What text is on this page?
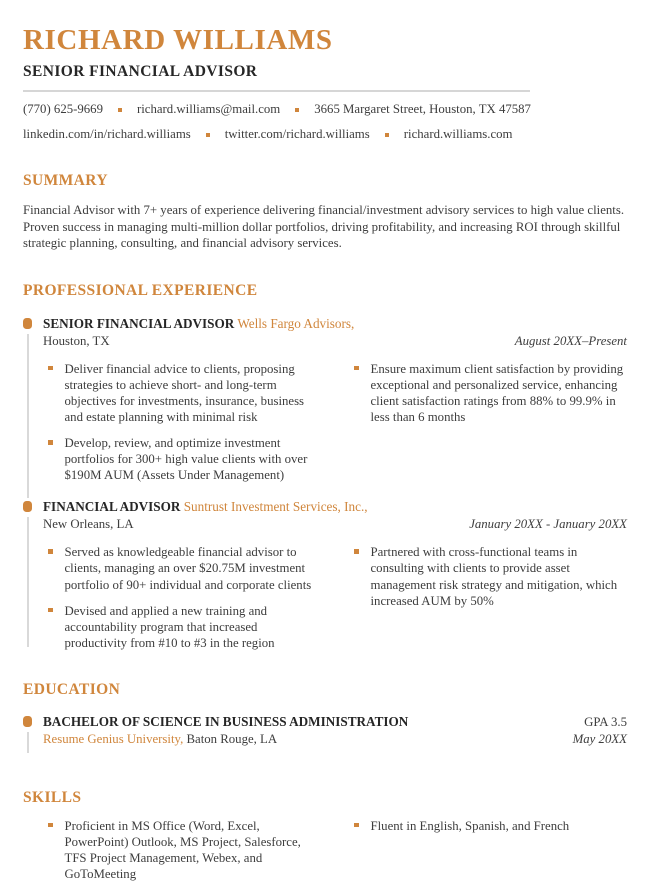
RICHARD WILLIAMS
SENIOR FINANCIAL ADVISOR
(770) 625-9669	richard.williams@mail.com	3665 Margaret Street, Houston, TX 47587
linkedin.com/in/richard.williams	twitter.com/richard.williams	richard.williams.com
SUMMARY

Financial Advisor with 7+ years of experience delivering financial/investment advisory services to high value clients. Proven success in managing multi-million dollar portfolios, driving profitability, and increasing ROI through skillful strategic planning, consulting, and financial advisory services.

PROFESSIONAL EXPERIENCE
SENIOR FINANCIAL ADVISOR Wells Fargo Advisors,
Houston, TX	August 20XX–Present
Deliver financial advice to clients, proposing strategies to achieve short- and long-term objectives for investments, insurance, business and estate planning with minimal risk
Develop, review, and optimize investment portfolios for 300+ high value clients with over $190M AUM (Assets Under Management)
Ensure maximum client satisfaction by providing exceptional and personalized service, enhancing client satisfaction ratings from 88% to 99.9% in less than 6 months
FINANCIAL ADVISOR Suntrust Investment Services, Inc.,
New Orleans, LA	January 20XX - January 20XX
Served as knowledgeable financial advisor to clients, managing an over $20.75M investment portfolio of 90+ individual and corporate clients
Devised and applied a new training and accountability program that increased productivity from #10 to #3 in the region
Partnered with cross-functional teams in consulting with clients to provide asset management risk strategy and mitigation, which increased AUM by 50%
EDUCATION
BACHELOR OF SCIENCE IN BUSINESS ADMINISTRATION	GPA 3.5
Resume Genius University, Baton Rouge, LA	May 20XX
SKILLS
Proficient in MS Office (Word, Excel, PowerPoint) Outlook, MS Project, Salesforce, TFS Project Management, Webex, and GoToMeeting
Fluent in English, Spanish, and French
